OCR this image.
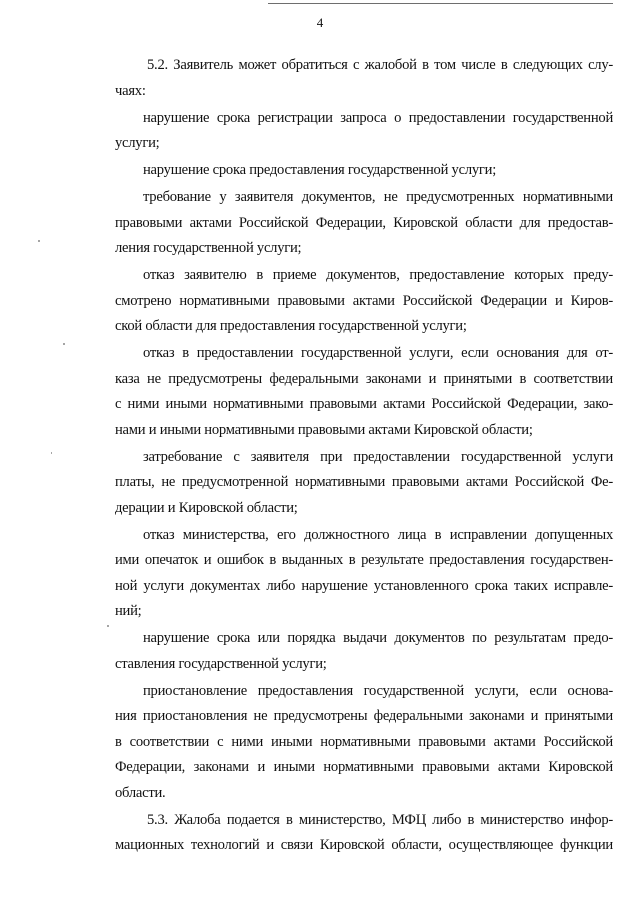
4
5.2. Заявитель может обратиться с жалобой в том числе в следующих слу-
чаях:
нарушение срока регистрации запроса о предоставлении государственной
услуги;
нарушение срока предоставления государственной услуги;
требование у заявителя документов, не предусмотренных нормативными
правовыми актами Российской Федерации, Кировской области для предостав-
ления государственной услуги;
отказ заявителю в приеме документов, предоставление которых преду-
смотрено нормативными правовыми актами Российской Федерации и Киров-
ской области для предоставления государственной услуги;
отказ в предоставлении государственной услуги, если основания для от-
каза не предусмотрены федеральными законами и принятыми в соответствии
с ними иными нормативными правовыми актами Российской Федерации, зако-
нами и иными нормативными правовыми актами Кировской области;
затребование с заявителя при предоставлении государственной услуги
платы, не предусмотренной нормативными правовыми актами Российской Фе-
дерации и Кировской области;
отказ министерства, его должностного лица в исправлении допущенных
ими опечаток и ошибок в выданных в результате предоставления государствен-
ной услуги документах либо нарушение установленного срока таких исправле-
ний;
нарушение срока или порядка выдачи документов по результатам предо-
ставления государственной услуги;
приостановление предоставления государственной услуги, если основа-
ния приостановления не предусмотрены федеральными законами и принятыми
в соответствии с ними иными нормативными правовыми актами Российской
Федерации, законами и иными нормативными правовыми актами Кировской
области.
5.3. Жалоба подается в министерство, МФЦ либо в министерство инфор-
мационных технологий и связи Кировской области, осуществляющее функции
